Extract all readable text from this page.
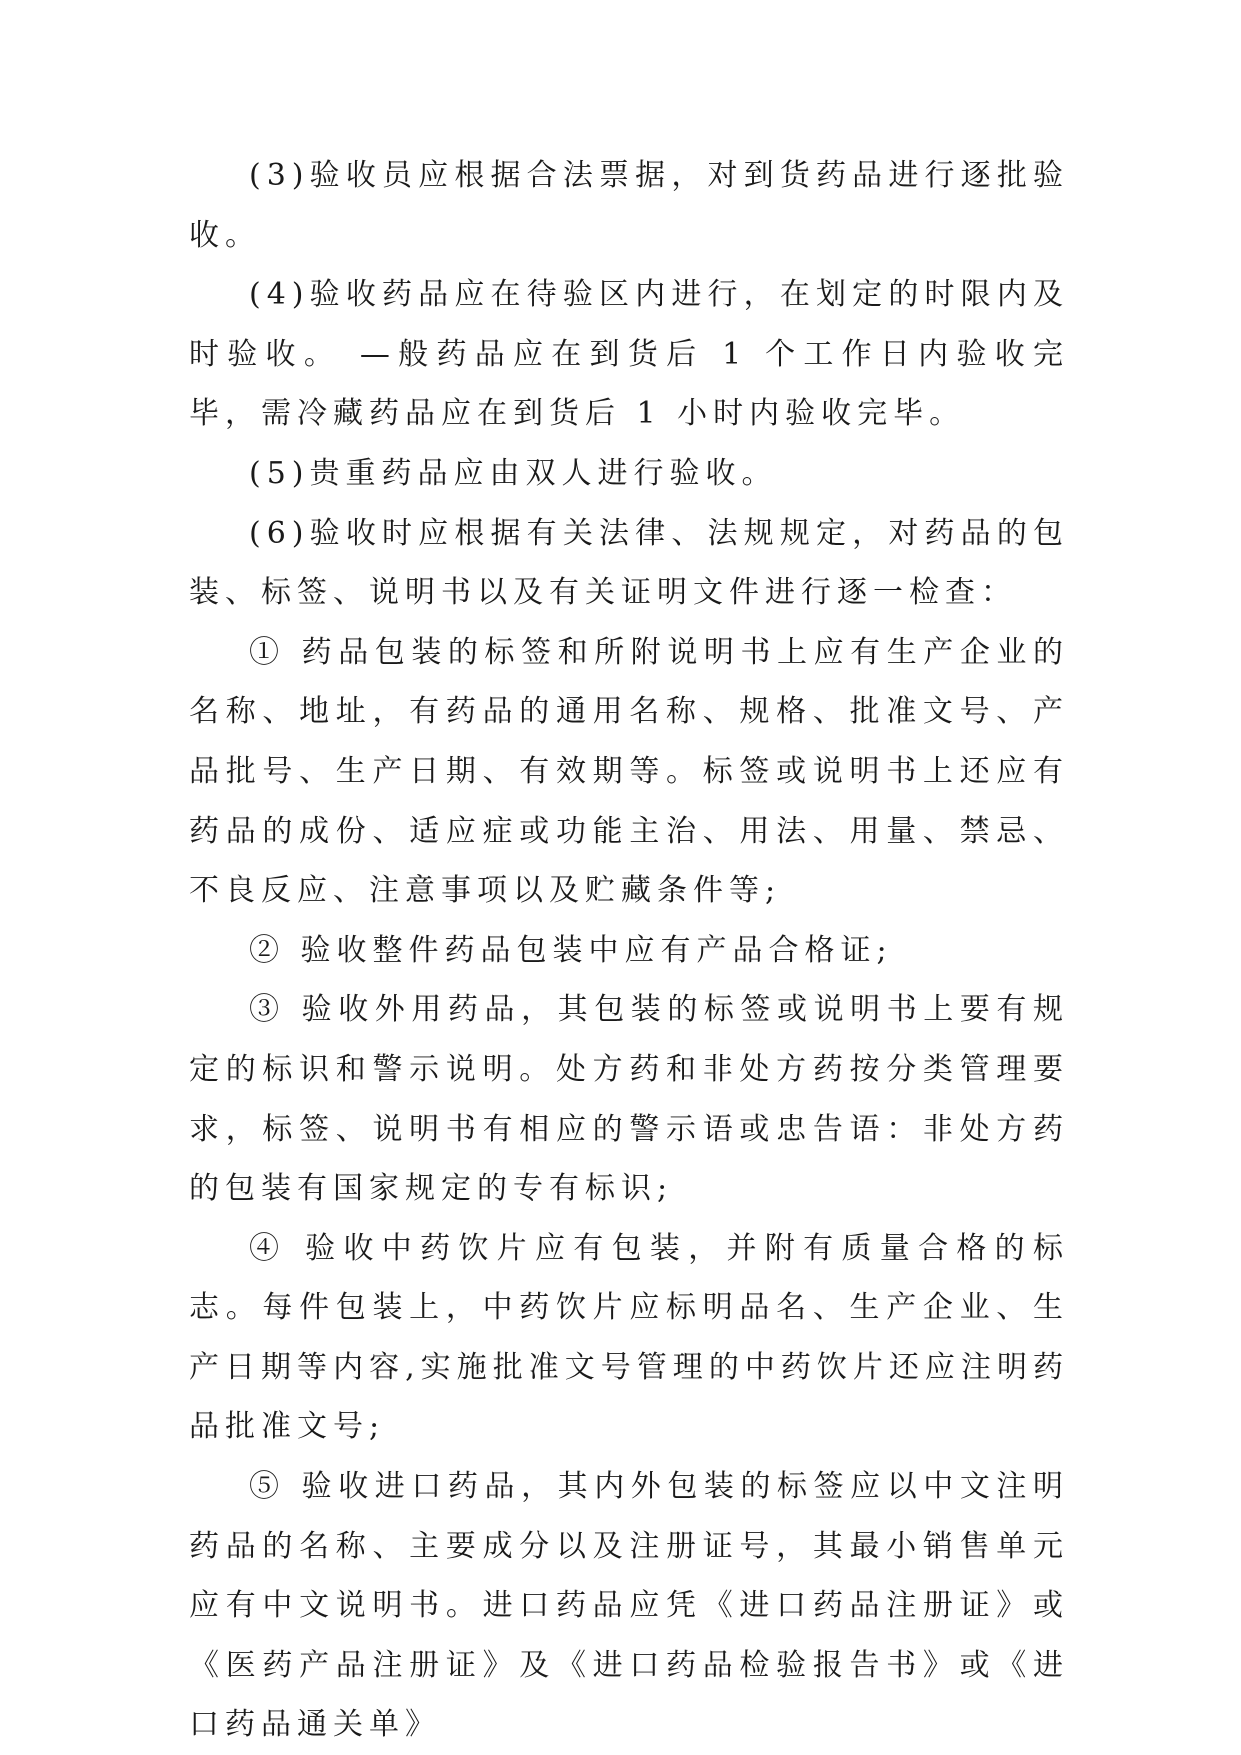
(3)验收员应根据合法票据，对到货药品进行逐批验收。

(4)验收药品应在待验区内进行，在划定的时限内及时验收。 —般药品应在到货后 1 个工作日内验收完毕，需冷藏药品应在到货后 1 小时内验收完毕。

(5)贵重药品应由双人进行验收。

(6)验收时应根据有关法律、法规规定，对药品的包装、标签、说明书以及有关证明文件进行逐一检查：

① 药品包装的标签和所附说明书上应有生产企业的名称、地址，有药品的通用名称、规格、批准文号、产品批号、生产日期、有效期等。标签或说明书上还应有药品的成份、适应症或功能主治、用法、用量、禁忌、不良反应、注意事项以及贮藏条件等;

② 验收整件药品包装中应有产品合格证;

③ 验收外用药品，其包装的标签或说明书上要有规定的标识和警示说明。处方药和非处方药按分类管理要求，标签、说明书有相应的警示语或忠告语：非处方药的包装有国家规定的专有标识;

④ 验收中药饮片应有包装，并附有质量合格的标志。每件包装上，中药饮片应标明品名、生产企业、生产日期等内容,实施批准文号管理的中药饮片还应注明药品批准文号;

⑤ 验收进口药品，其内外包装的标签应以中文注明药品的名称、主要成分以及注册证号，其最小销售单元应有中文说明书。进口药品应凭《进口药品注册证》或《医药产品注册证》及《进口药品检验报告书》或《进口药品通关单》
